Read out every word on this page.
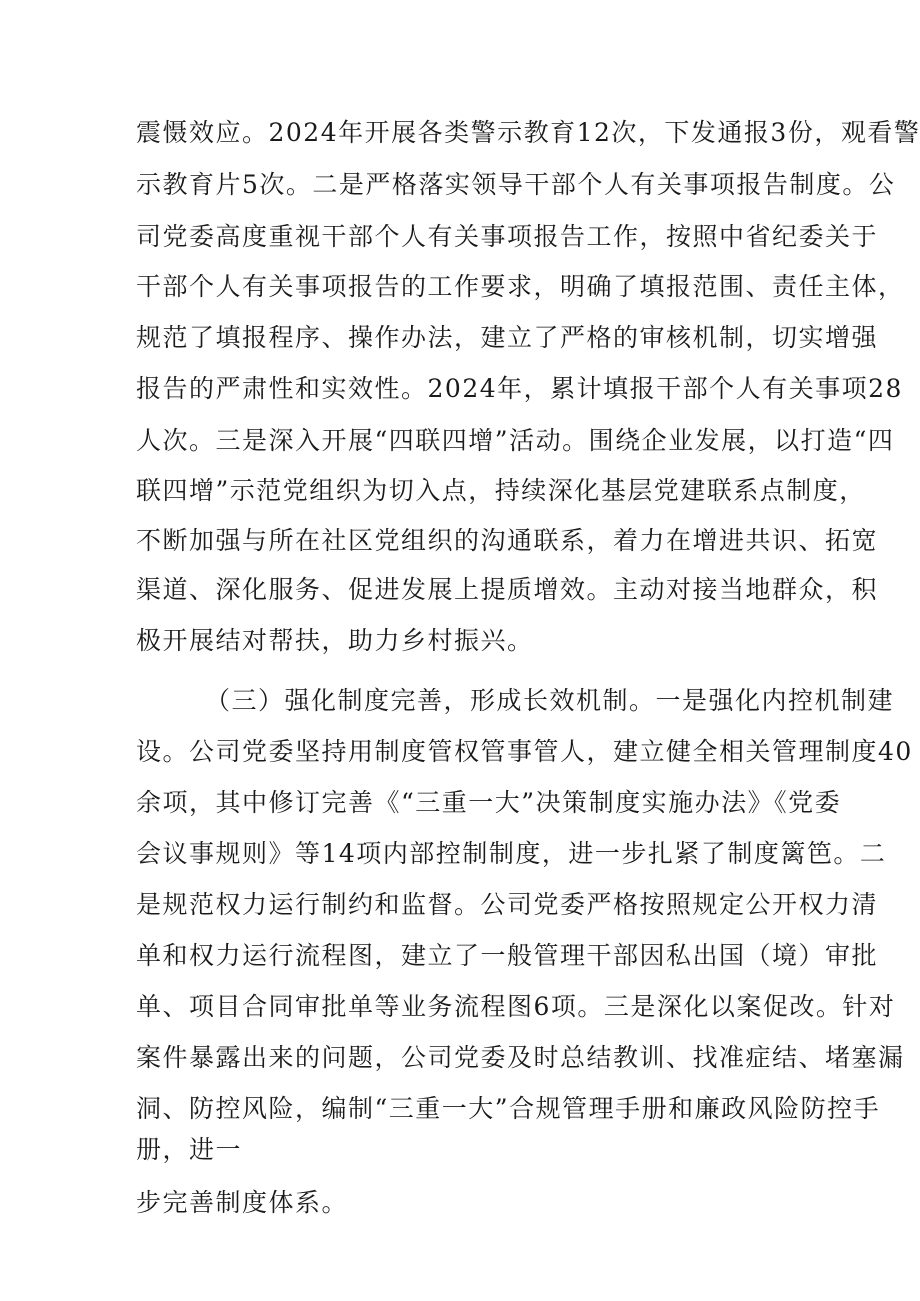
震慑效应。2024年开展各类警示教育12次，下发通报3份，观看警
示教育片5次。二是严格落实领导干部个人有关事项报告制度。公
司党委高度重视干部个人有关事项报告工作，按照中省纪委关于
干部个人有关事项报告的工作要求，明确了填报范围、责任主体，
规范了填报程序、操作办法，建立了严格的审核机制，切实增强
报告的严肃性和实效性。2024年，累计填报干部个人有关事项28
人次。三是深入开展“四联四增”活动。围绕企业发展，以打造“四
联四增”示范党组织为切入点，持续深化基层党建联系点制度，
不断加强与所在社区党组织的沟通联系，着力在增进共识、拓宽
渠道、深化服务、促进发展上提质增效。主动对接当地群众，积
极开展结对帮扶，助力乡村振兴。
（三）强化制度完善，形成长效机制。一是强化内控机制建
设。公司党委坚持用制度管权管事管人，建立健全相关管理制度40
余项，其中修订完善《“三重一大”决策制度实施办法》《党委
会议事规则》等14项内部控制制度，进一步扎紧了制度篱笆。二
是规范权力运行制约和监督。公司党委严格按照规定公开权力清
单和权力运行流程图，建立了一般管理干部因私出国（境）审批
单、项目合同审批单等业务流程图6项。三是深化以案促改。针对
案件暴露出来的问题，公司党委及时总结教训、找准症结、堵塞漏
洞、防控风险，编制“三重一大”合规管理手册和廉政风险防控手
册，进一
步完善制度体系。
